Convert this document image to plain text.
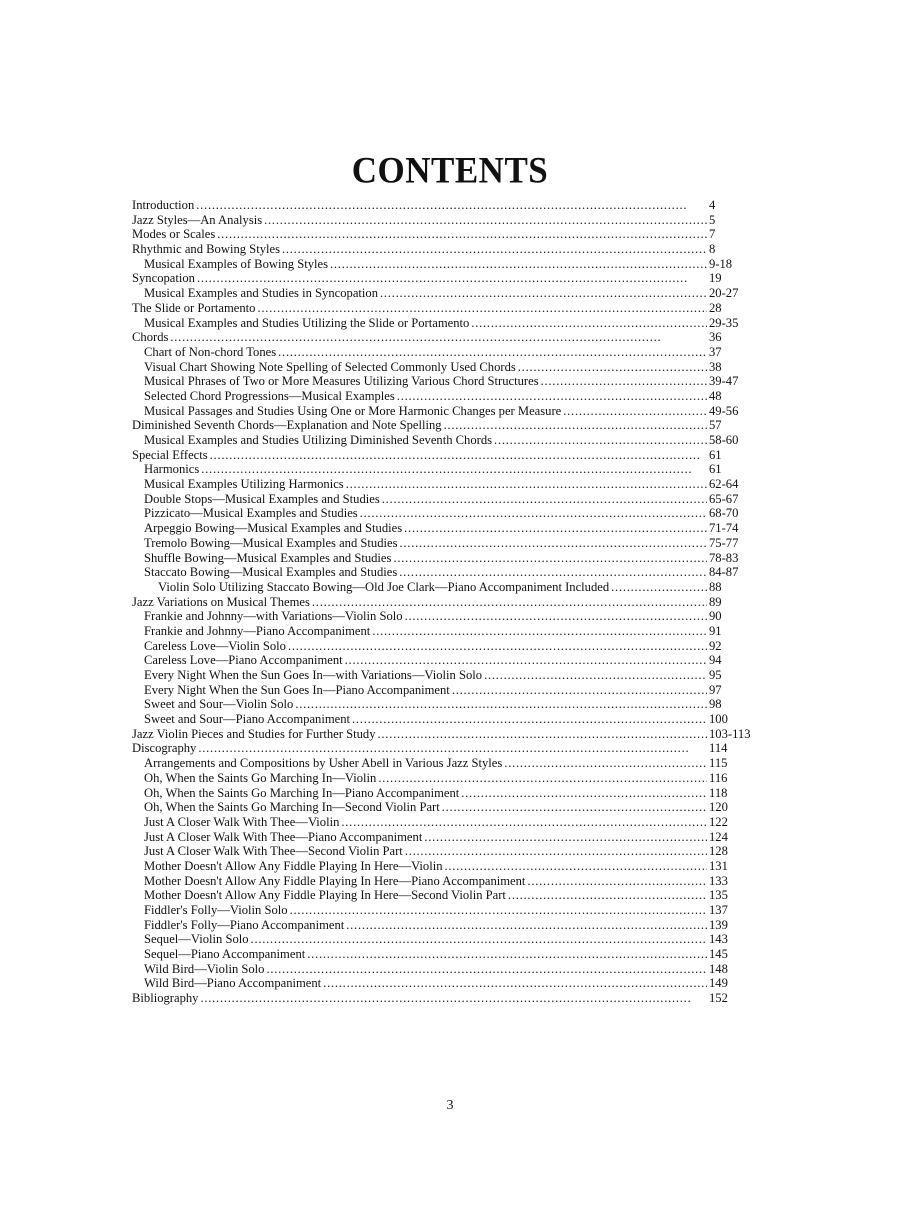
CONTENTS
Introduction . . .	4
Jazz Styles—An Analysis . . .	5
Modes or Scales . . .	7
Rhythmic and Bowing Styles . . .	8
Musical Examples of Bowing Styles . . .	9-18
Syncopation . . .	19
Musical Examples and Studies in Syncopation . . .	20-27
The Slide or Portamento . . .	28
Musical Examples and Studies Utilizing the Slide or Portamento . . .	29-35
Chords . . .	36
Chart of Non-chord Tones . . .	37
Visual Chart Showing Note Spelling of Selected Commonly Used Chords . . .	38
Musical Phrases of Two or More Measures Utilizing Various Chord Structures . . .	39-47
Selected Chord Progressions—Musical Examples . . .	48
Musical Passages and Studies Using One or More Harmonic Changes per Measure . . .	49-56
Diminished Seventh Chords—Explanation and Note Spelling . . .	57
Musical Examples and Studies Utilizing Diminished Seventh Chords . . .	58-60
Special Effects . . .	61
Harmonics . . .	61
Musical Examples Utilizing Harmonics . . .	62-64
Double Stops—Musical Examples and Studies . . .	65-67
Pizzicato—Musical Examples and Studies . . .	68-70
Arpeggio Bowing—Musical Examples and Studies . . .	71-74
Tremolo Bowing—Musical Examples and Studies . . .	75-77
Shuffle Bowing—Musical Examples and Studies . . .	78-83
Staccato Bowing—Musical Examples and Studies . . .	84-87
Violin Solo Utilizing Staccato Bowing—Old Joe Clark—Piano Accompaniment Included . . .	88
Jazz Variations on Musical Themes . . .	89
Frankie and Johnny—with Variations—Violin Solo . . .	90
Frankie and Johnny—Piano Accompaniment . . .	91
Careless Love—Violin Solo . . .	92
Careless Love—Piano Accompaniment . . .	94
Every Night When the Sun Goes In—with Variations—Violin Solo . . .	95
Every Night When the Sun Goes In—Piano Accompaniment . . .	97
Sweet and Sour—Violin Solo . . .	98
Sweet and Sour—Piano Accompaniment . . .	100
Jazz Violin Pieces and Studies for Further Study . . .	103-113
Discography . . .	114
Arrangements and Compositions by Usher Abell in Various Jazz Styles . . .	115
Oh, When the Saints Go Marching In—Violin . . .	116
Oh, When the Saints Go Marching In—Piano Accompaniment . . .	118
Oh, When the Saints Go Marching In—Second Violin Part . . .	120
Just A Closer Walk With Thee—Violin . . .	122
Just A Closer Walk With Thee—Piano Accompaniment . . .	124
Just A Closer Walk With Thee—Second Violin Part . . .	128
Mother Doesn't Allow Any Fiddle Playing In Here—Violin . . .	131
Mother Doesn't Allow Any Fiddle Playing In Here—Piano Accompaniment . . .	133
Mother Doesn't Allow Any Fiddle Playing In Here—Second Violin Part . . .	135
Fiddler's Folly—Violin Solo . . .	137
Fiddler's Folly—Piano Accompaniment . . .	139
Sequel—Violin Solo . . .	143
Sequel—Piano Accompaniment . . .	145
Wild Bird—Violin Solo . . .	148
Wild Bird—Piano Accompaniment . . .	149
Bibliography . . .	152
3
